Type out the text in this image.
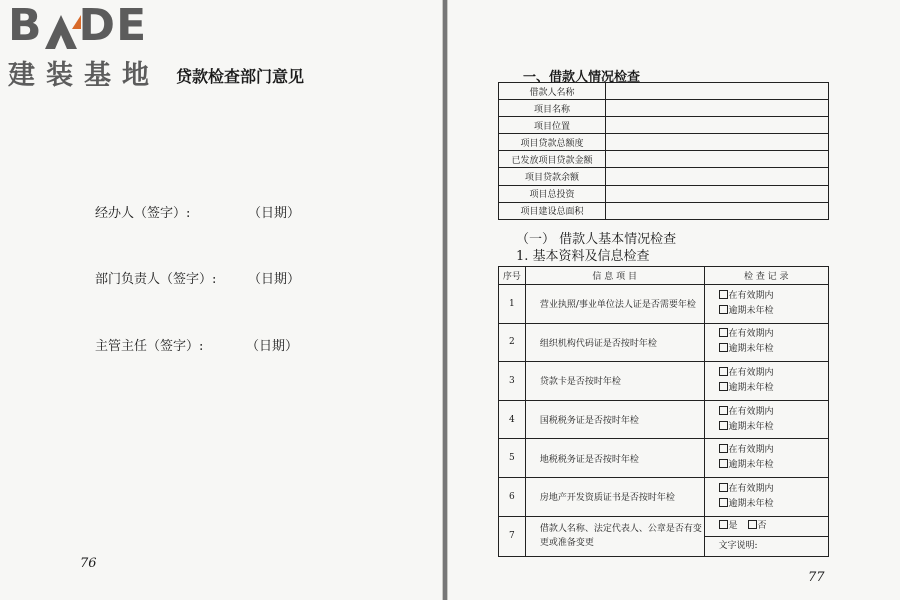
B DE
建装基地	贷款检查部门意见
经办人（签字）:	（日期）
部门负责人（签字）: （日期）
主管主任（签字）:	（日期）
76
一、借款人情况检查
借款人名称	
项目名称	
项目位置	
项目贷款总额度	
已发放项目贷款金额	
项目贷款余额	
项目总投资	
项目建设总面积	
（一） 借款人基本情况检查
1. 基本资料及信息检查
序号	信 息 项 目	检 查 记 录
1	营业执照/事业单位法人证是否需要年检	在有效期内
逾期未年检

2	组织机构代码证是否按时年检	在有效期内
逾期未年检

3	贷款卡是否按时年检	在有效期内
逾期未年检

4	国税税务证是否按时年检	在有效期内
逾期未年检

5	地税税务证是否按时年检	在有效期内
逾期未年检

6	房地产开发资质证书是否按时年检	在有效期内
逾期未年检

7	借款人名称、法定代表人、公章是否有变更或准备变更	是 否
		文字说明:
77
